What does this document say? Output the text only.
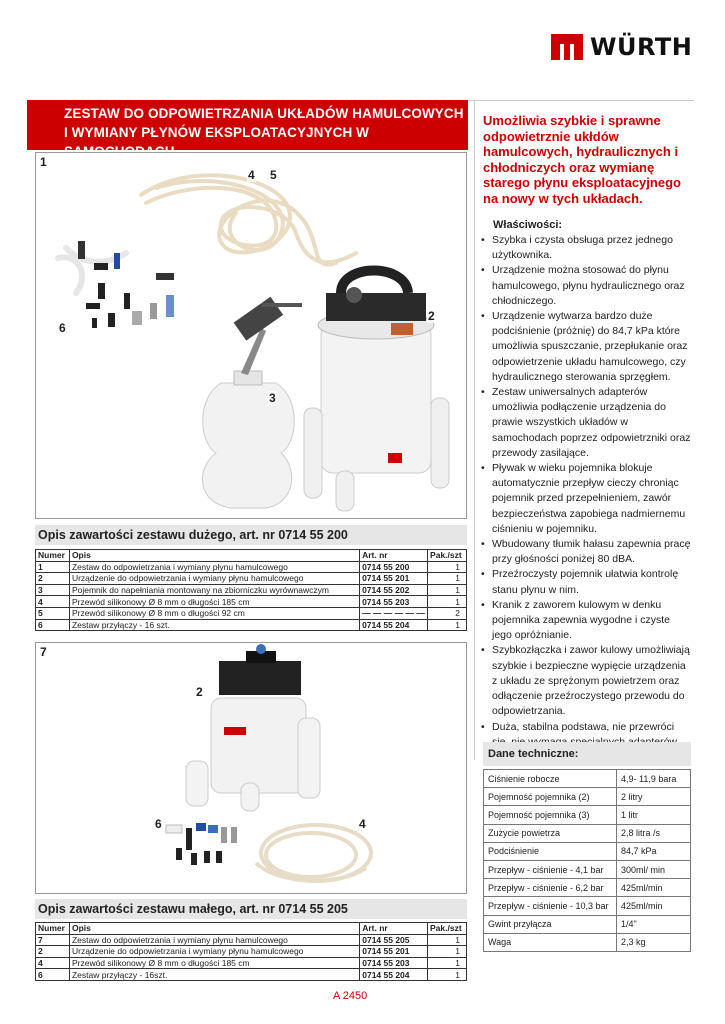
WÜRTH
ZESTAW DO ODPOWIETRZANIA UKŁADÓW HAMULCOWYCH
I WYMIANY PŁYNÓW EKSPLOATACYJNYCH W
Umożliwia szybkie i sprawne odpowietrznie ukłdów hamulcowych, hydraulicznych i chłodniczych oraz wymianę starego płynu eksploatacyjnego na nowy w tych układach.
1
4 5
2
6
3
Opis zawartości zestawu dużego, art. nr 0714 55 200
Numer	Opis	Art. nr	Pak./szt
1	Zestaw do odpowietrzania i wymiany płynu hamulcowego	0714 55 200	1
2	Urządzenie do odpowietrzania i wymiany płynu hamulcowego	0714 55 201	1
3	Pojemnik do napełniania montowany na zbiorniczku wyrównawczym	0714 55 202	1
4	Przewód silikonowy Ø 8 mm o długości 185 cm	0714 55 203	1
5	Przewód silikonowy Ø 8 mm o długości 92 cm	— — — — — —	2
6	Zestaw przyłączy - 16 szt.	0714 55 204	1
7
2
6	4
Opis zawartości zestawu małego, art. nr 0714 55 205
Numer	Opis	Art. nr	Pak./szt
7	Zestaw do odpowietrzania i wymiany płynu hamulcowego	0714 55 205	1
2	Urządzenie do odpowietrzania i wymiany płynu hamulcowego	0714 55 201	1
4	Przewód silikonowy Ø 8 mm o długości 185 cm	0714 55 203	1
6	Zestaw przyłączy - 16szt.	0714 55 204	1
Właściwości:
• Szybka i czysta obsługa przez jednego użytkownika.
• Urządzenie można stosować do płynu hamulcowego, płynu hydraulicznego oraz chłodniczego.
• Urządzenie wytwarza bardzo duże podciśnienie (próżnię) do 84,7 kPa które umożliwia spuszczanie, przepłukanie oraz odpowietrzenie układu hamulcowego, czy hydraulicznego sterowania sprzęgłem.
• Zestaw uniwersalnych adapterów umożliwia podłączenie urządzenia do prawie wszystkich układów w samochodach poprzez odpowietrzniki oraz przewody zasilające.
• Pływak w wieku pojemnika blokuje automatycznie przepływ cieczy chroniąc pojemnik przed przepełnieniem, zawór bezpieczeństwa zapobiega nadmiernemu ciśnieniu w pojemniku.
• Wbudowany tłumik hałasu zapewnia pracę przy głośności poniżej 80 dBA.
• Przeźroczysty pojemnik ułatwia kontrolę stanu płynu w nim.
• Kranik z zaworem kulowym w denku pojemnika zapewnia wygodne i czyste jego opróżnianie.
• Szybkozłączka i zawor kulowy umożliwiają szybkie i bezpieczne wypięcie urządzenia z układu ze sprężonym powietrzem oraz odłączenie przeźroczystego przewodu do odpowietrzania.
• Duża, stabilna podstawa, nie przewróci
Dane techniczne:
Ciśnienie robocze	4,9- 11,9 bara
Pojemność pojemnika (2)	2 litry
Pojemność pojemnika (3)	1 litr
Zużycie powietrza	2,8 litra /s
Podciśnienie	84,7 kPa
Przepływ - ciśnienie - 4,1 bar	300ml/ min
Przepływ - ciśnienie - 6,2 bar	425ml/min
Przepływ - ciśnienie - 10,3 bar	425ml/min
Gwint przyłącza	1/4"
Waga	2,3 kg
A 2450
